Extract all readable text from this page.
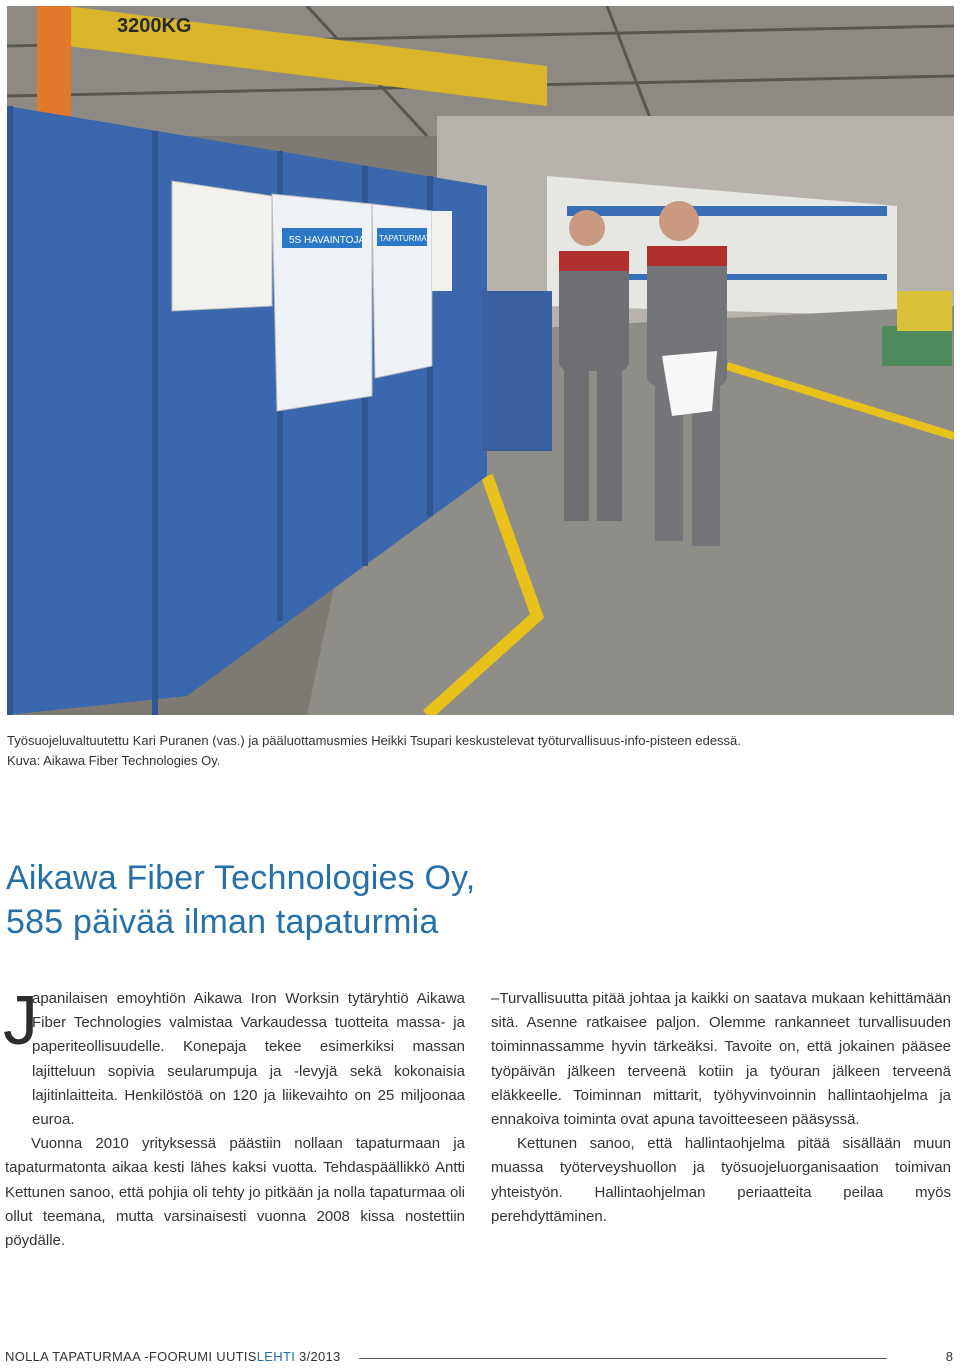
3200KG
5S HAVAINTOJA TAPATURMAT
Työsuojeluvaltuutettu Kari Puranen (vas.) ja pääluottamusmies Heikki Tsupari keskustelevat työturvallisuus-info-pisteen edessä.
Kuva: Aikawa Fiber Technologies Oy.
Aikawa Fiber Technologies Oy,
585 päivää ilman tapaturmia
J

apanilaisen emoyhtiön Aikawa Iron Worksin tytäryhtiö Aikawa Fiber Technologies valmistaa Varkaudessa tuotteita massa- ja paperiteollisuudelle. Konepaja tekee esimerkiksi massan lajitteluun sopivia seularumpuja ja -levyjä sekä kokonaisia lajitinlaitteita. Henkilöstöä on 120 ja liikevaihto on 25 miljoonaa euroa.

Vuonna 2010 yrityksessä päästiin nollaan tapaturmaan ja tapaturmatonta aikaa kesti lähes kaksi vuotta. Tehdaspäällikkö Antti Kettunen sanoo, että pohjia oli tehty jo pitkään ja nolla tapaturmaa oli ollut teemana, mutta varsinaisesti vuonna 2008 kissa nostettiin pöydälle.

–Turvallisuutta pitää johtaa ja kaikki on saatava mukaan kehittämään sitä. Asenne ratkaisee paljon. Olemme rankanneet turvallisuuden toiminnassamme hyvin tärkeäksi. Tavoite on, että jokainen pääsee työpäivän jälkeen terveenä kotiin ja työuran jälkeen terveenä eläkkeelle. Toiminnan mittarit, työhyvinvoinnin hallintaohjelma ja ennakoiva toiminta ovat apuna tavoitteeseen pääsyssä.

Kettunen sanoo, että hallintaohjelma pitää sisällään muun muassa työterveyshuollon ja työsuojeluorganisaation toimivan yhteistyön. Hallintaohjelman periaatteita peilaa myös perehdyttäminen.

NOLLA TAPATURMAA -FOORUMI UUTISLEHTI 3/2013	8
